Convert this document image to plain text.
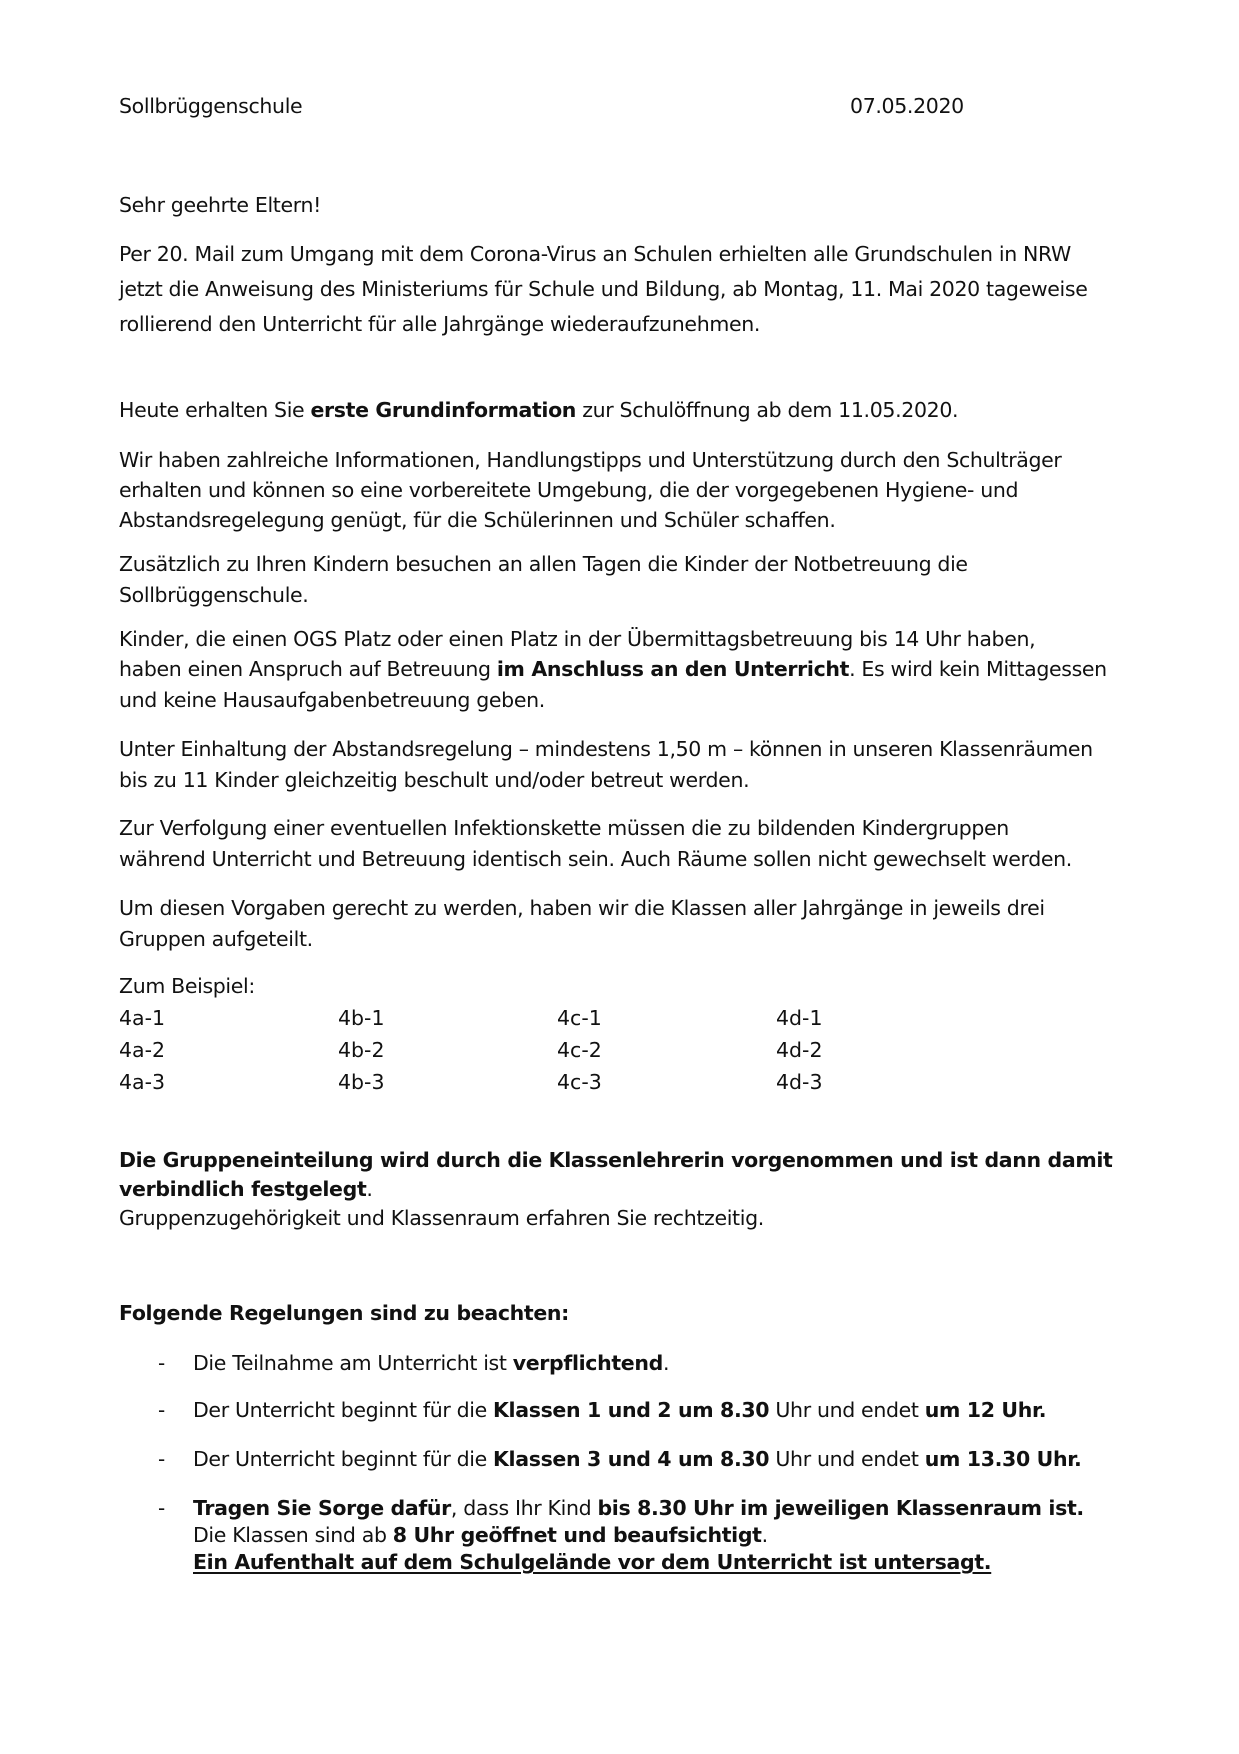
Sollbrüggenschule	07.05.2020
Sehr geehrte Eltern!
Per 20. Mail zum Umgang mit dem Corona-Virus an Schulen erhielten alle Grundschulen in NRW
jetzt die Anweisung des Ministeriums für Schule und Bildung, ab Montag, 11. Mai 2020 tageweise
rollierend den Unterricht für alle Jahrgänge wiederaufzunehmen.
Heute erhalten Sie erste Grundinformation zur Schulöffnung ab dem 11.05.2020.
Wir haben zahlreiche Informationen, Handlungstipps und Unterstützung durch den Schulträger
erhalten und können so eine vorbereitete Umgebung, die der vorgegebenen Hygiene- und
Abstandsregelegung genügt, für die Schülerinnen und Schüler schaffen.
Zusätzlich zu Ihren Kindern besuchen an allen Tagen die Kinder der Notbetreuung die
Sollbrüggenschule.
Kinder, die einen OGS Platz oder einen Platz in der Übermittagsbetreuung bis 14 Uhr haben,
haben einen Anspruch auf Betreuung im Anschluss an den Unterricht. Es wird kein Mittagessen
und keine Hausaufgabenbetreuung geben.
Unter Einhaltung der Abstandsregelung – mindestens 1,50 m – können in unseren Klassenräumen
bis zu 11 Kinder gleichzeitig beschult und/oder betreut werden.
Zur Verfolgung einer eventuellen Infektionskette müssen die zu bildenden Kindergruppen
während Unterricht und Betreuung identisch sein. Auch Räume sollen nicht gewechselt werden.
Um diesen Vorgaben gerecht zu werden, haben wir die Klassen aller Jahrgänge in jeweils drei
Gruppen aufgeteilt.
Zum Beispiel:
4a-1	4b-1	4c-1	4d-1
4a-2	4b-2	4c-2	4d-2
4a-3	4b-3	4c-3	4d-3
Die Gruppeneinteilung wird durch die Klassenlehrerin vorgenommen und ist dann damit
verbindlich festgelegt.
Gruppenzugehörigkeit und Klassenraum erfahren Sie rechtzeitig.
Folgende Regelungen sind zu beachten:
- Die Teilnahme am Unterricht ist verpflichtend.
- Der Unterricht beginnt für die Klassen 1 und 2 um 8.30 Uhr und endet um 12 Uhr.
- Der Unterricht beginnt für die Klassen 3 und 4 um 8.30 Uhr und endet um 13.30 Uhr.
- Tragen Sie Sorge dafür, dass Ihr Kind bis 8.30 Uhr im jeweiligen Klassenraum ist.
Die Klassen sind ab 8 Uhr geöffnet und beaufsichtigt.
Ein Aufenthalt auf dem Schulgelände vor dem Unterricht ist untersagt.
